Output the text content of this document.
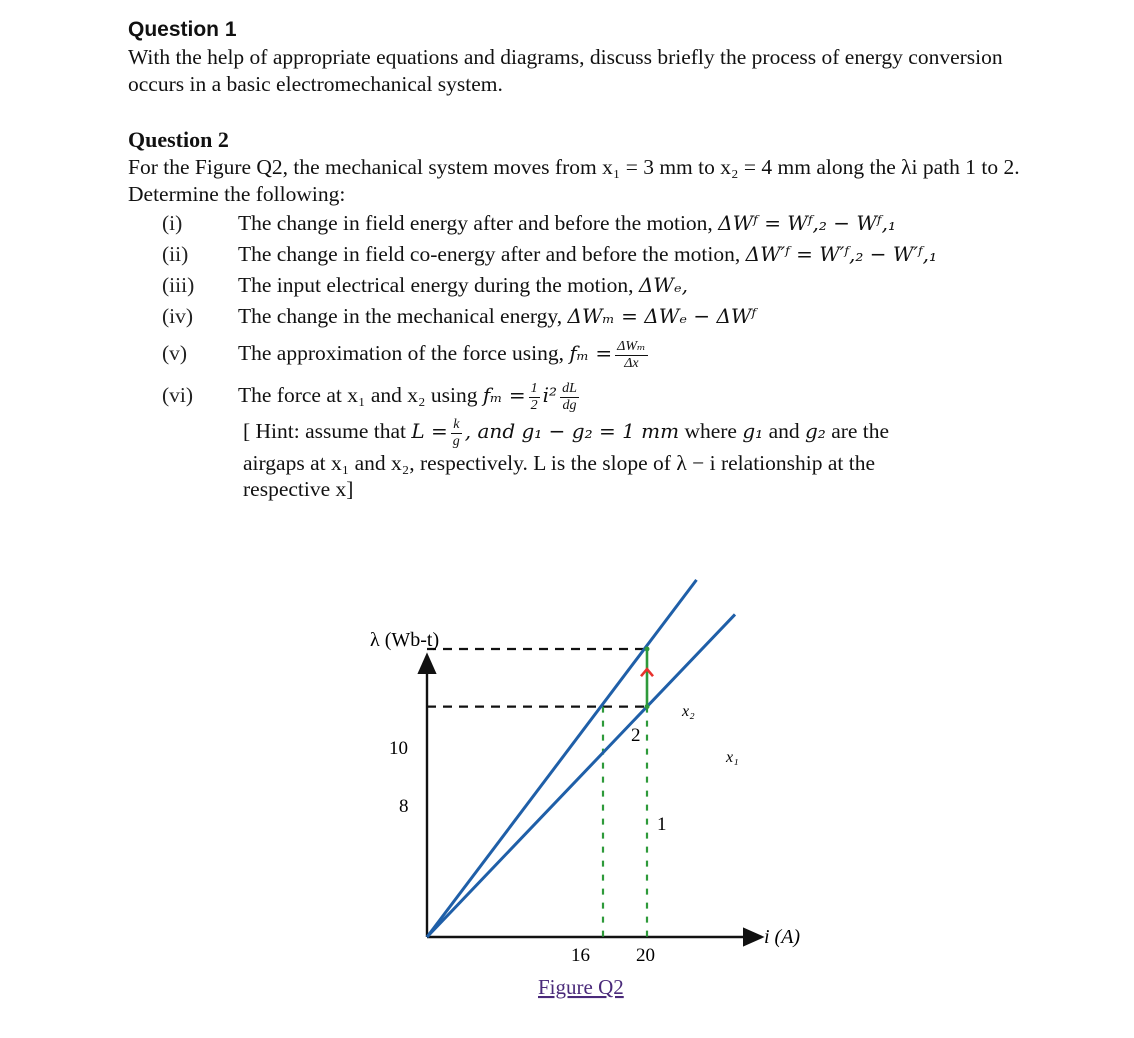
Question 1
With the help of appropriate equations and diagrams, discuss briefly the process of energy conversion occurs in a basic electromechanical system.
Question 2
For the Figure Q2, the mechanical system moves from x₁ = 3 mm to x₂ = 4 mm along the λi path 1 to 2. Determine the following:
(i)	The change in field energy after and before the motion, ΔWᶠ = Wᶠ,₂ − Wᶠ,₁
(ii) The change in field co-energy after and before the motion, ΔW′ᶠ = W′ᶠ,₂ − W′ᶠ,₁
(iii) The input electrical energy during the motion, ΔWₑ,
(iv) The change in the mechanical energy, ΔWₘ = ΔWₑ − ΔWᶠ
(v) The approximation of the force using, $f_m = \frac{\text{ΔWₘ}}{\Delta x}$
(vi) The force at x₁ and x₂ using $f_m = \frac{1}{2} i^2 \frac{dL}{dg}$
[ Hint: assume that $L = \frac{k}{g}$ , and g₁ − g₂ = 1 mm where g₁ and g₂ are the
airgaps at x₁ and x₂, respectively. L is the slope of λ − i relationship at the
respective x]
λ (Wb-t)
i (A)
10
8
16 20
2
1
x₂
x₁
Figure Q2
